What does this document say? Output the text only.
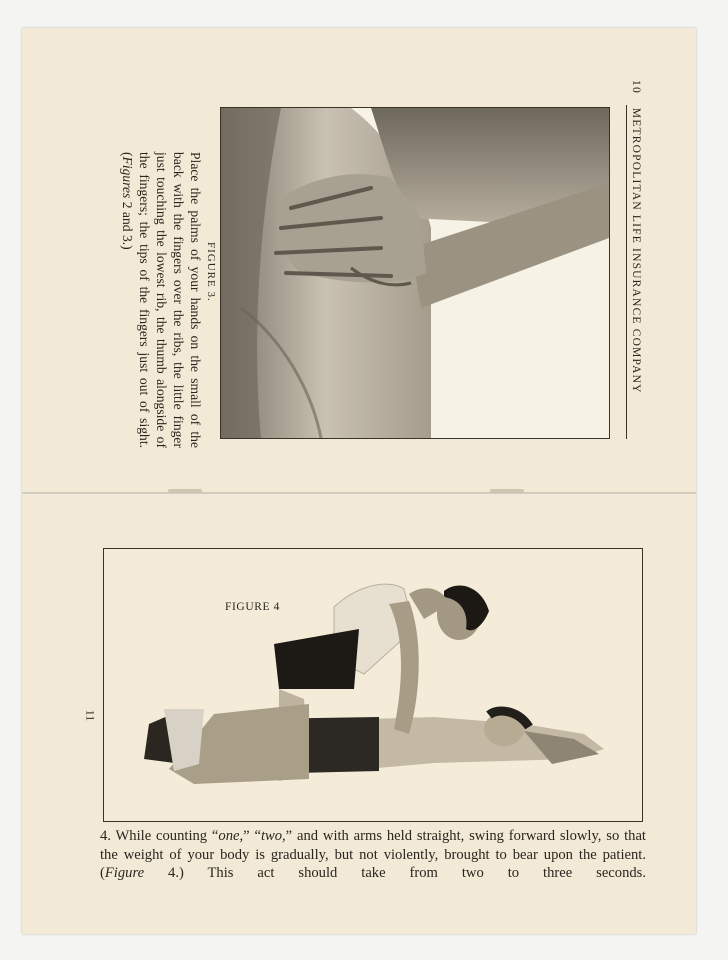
10
METROPOLITAN LIFE INSURANCE COMPANY
FIGURE 3.
Place the palms of your hands on the small of the back with the fingers over the ribs, the little finger just touching the lowest rib, the thumb alongside of the fingers; the tips of the fingers just out of sight. (Figures 2 and 3.)
11
FIGURE 4
4. While counting “one,” “two,” and with arms held straight, swing forward slowly, so that the weight of your body is gradually, but not violently, brought to bear upon the patient. (Figure 4.) This act should take from two to three seconds.
